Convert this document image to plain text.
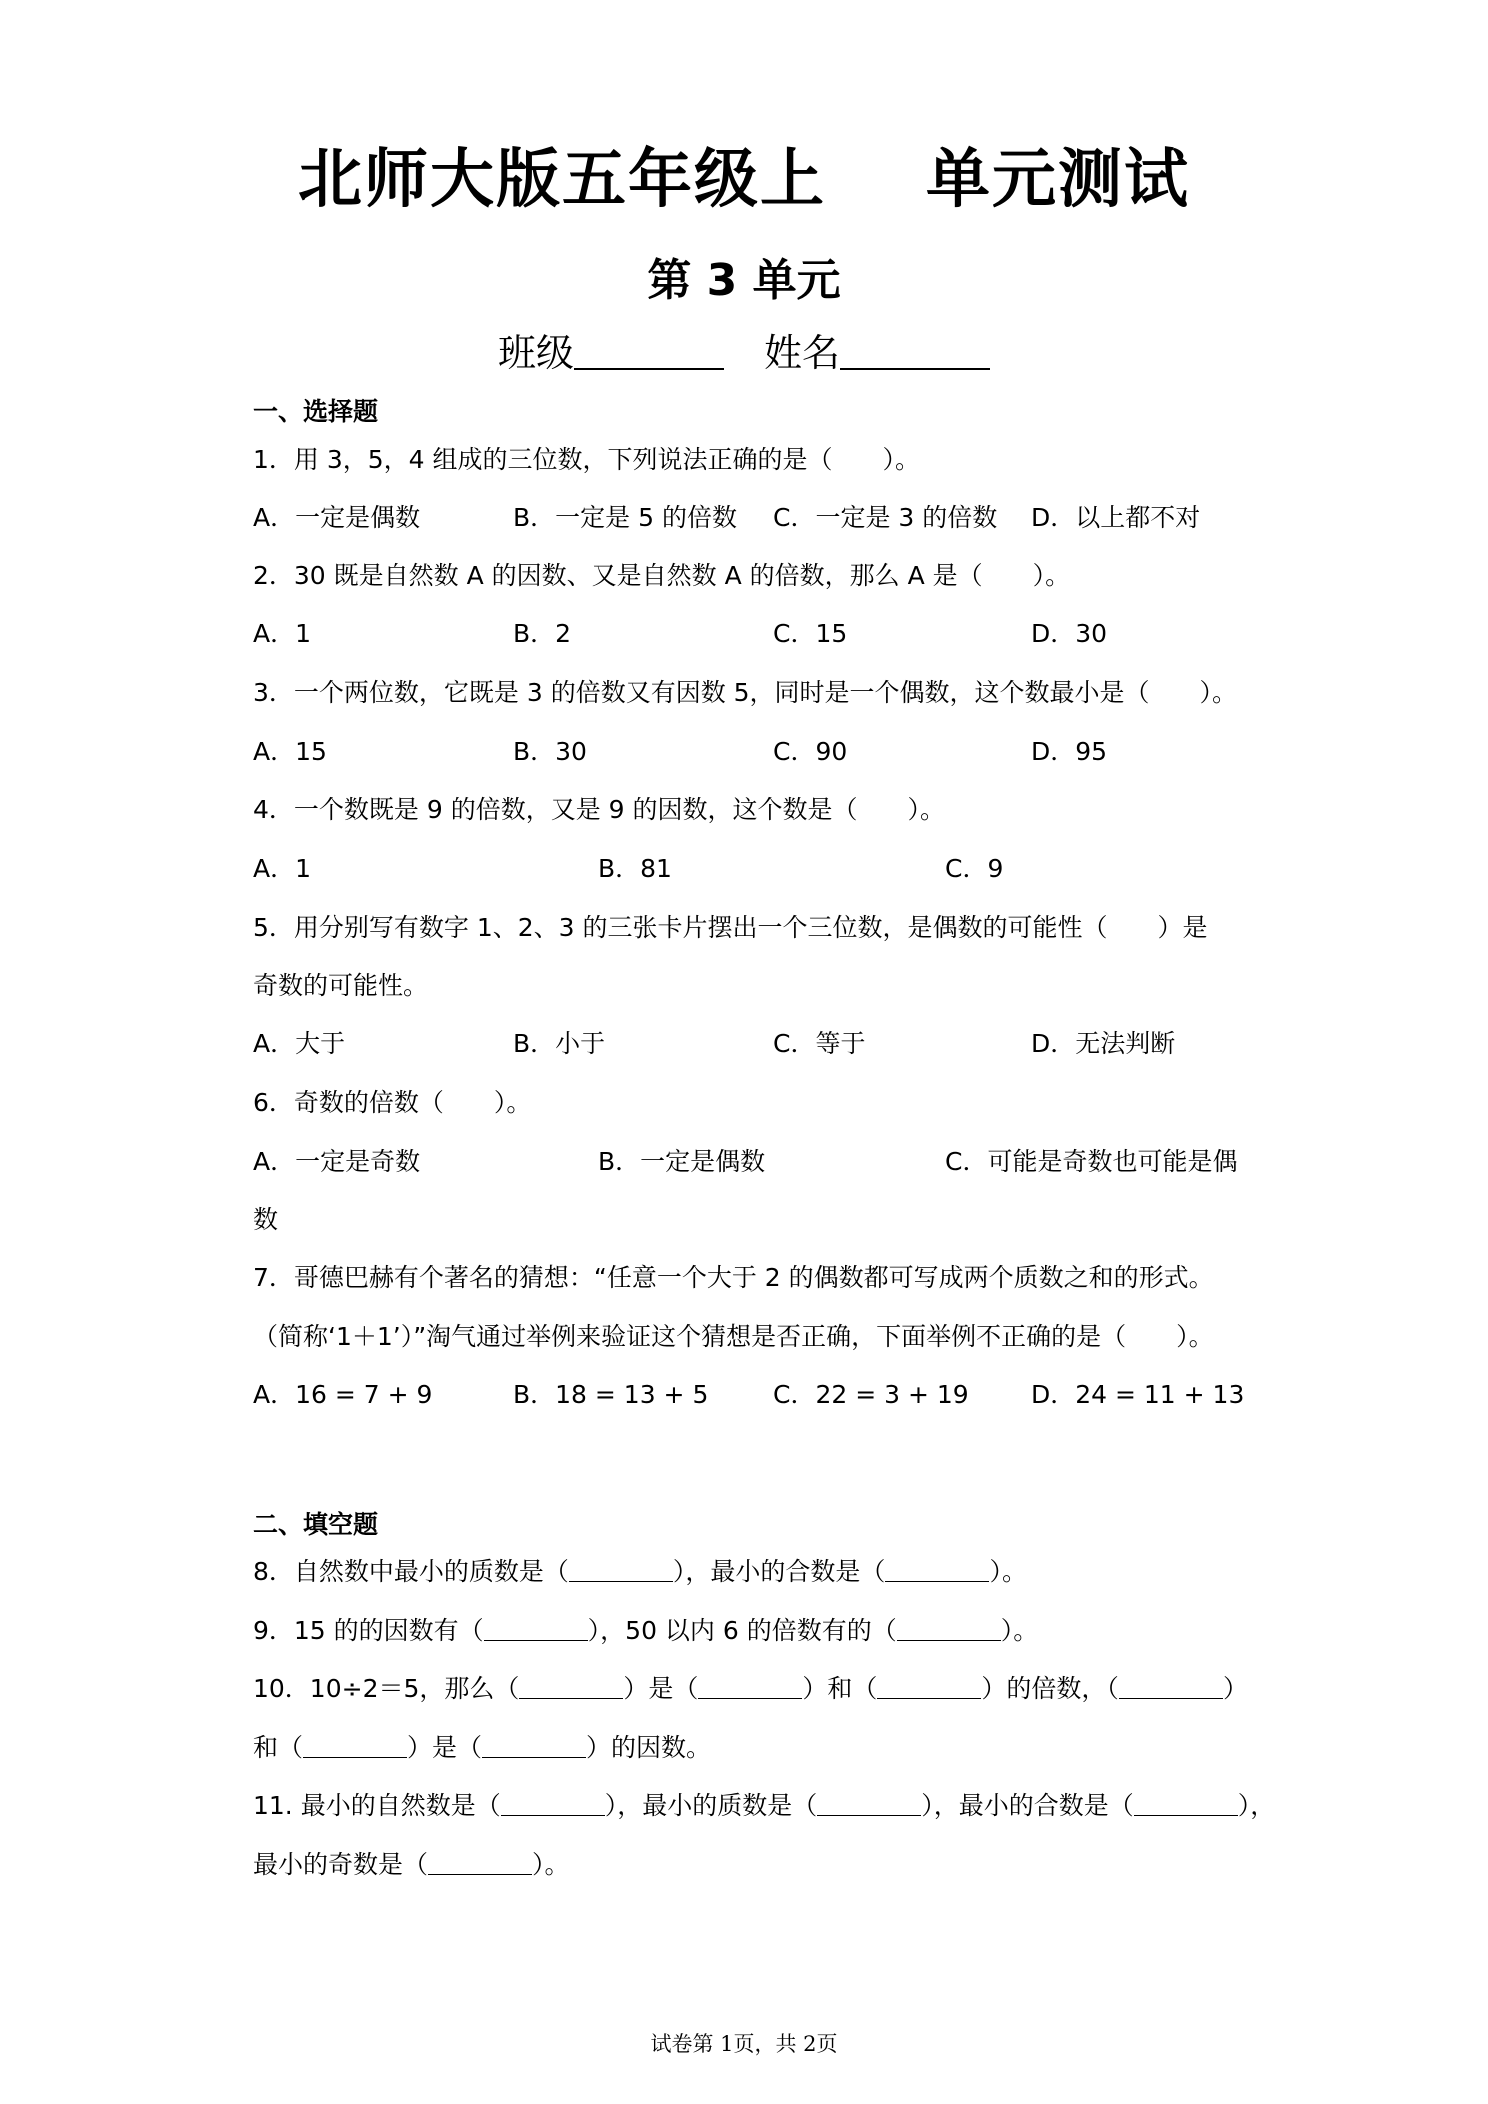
北师大版五年级上 单元测试
第 3 单元
班级	姓名
一、选择题
1．用 3，5，4 组成的三位数，下列说法正确的是（　　）。
A．一定是偶数	B．一定是 5 的倍数 C．一定是 3 的倍数 D．以上都不对
2．30 既是自然数 A 的因数、又是自然数 A 的倍数，那么 A 是（　　）。
A．1	B．2	C．15	D．30
3．一个两位数，它既是 3 的倍数又有因数 5，同时是一个偶数，这个数最小是（　　）。
A．15	B．30	C．90	D．95
4．一个数既是 9 的倍数，又是 9 的因数，这个数是（　　）。
A．1	B．81	C．9
5．用分别写有数字 1、2、3 的三张卡片摆出一个三位数，是偶数的可能性（　　）是
奇数的可能性。
A．大于	B．小于	C．等于	D．无法判断
6．奇数的倍数（　　）。
A．一定是奇数	B．一定是偶数	C．可能是奇数也可能是偶
数
7．哥德巴赫有个著名的猜想：“任意一个大于 2 的偶数都可写成两个质数之和的形式。
（简称‘1＋1’）”淘气通过举例来验证这个猜想是否正确，下面举例不正确的是（　　）。
A．16 = 7 + 9	B．18 = 13 + 5	C．22 = 3 + 19 D．24 = 11 + 13
二、填空题
8．自然数中最小的质数是（	），最小的合数是（	）。
9．15 的的因数有（	），50 以内 6 的倍数有的（	）。
10．10÷2＝5，那么（	）是（	）和（	）的倍数，（	）
和（	）是（	）的因数。
11. 最小的自然数是（	），最小的质数是（	），最小的合数是（	），
最小的奇数是（	）。
试卷第 1页，共 2页
